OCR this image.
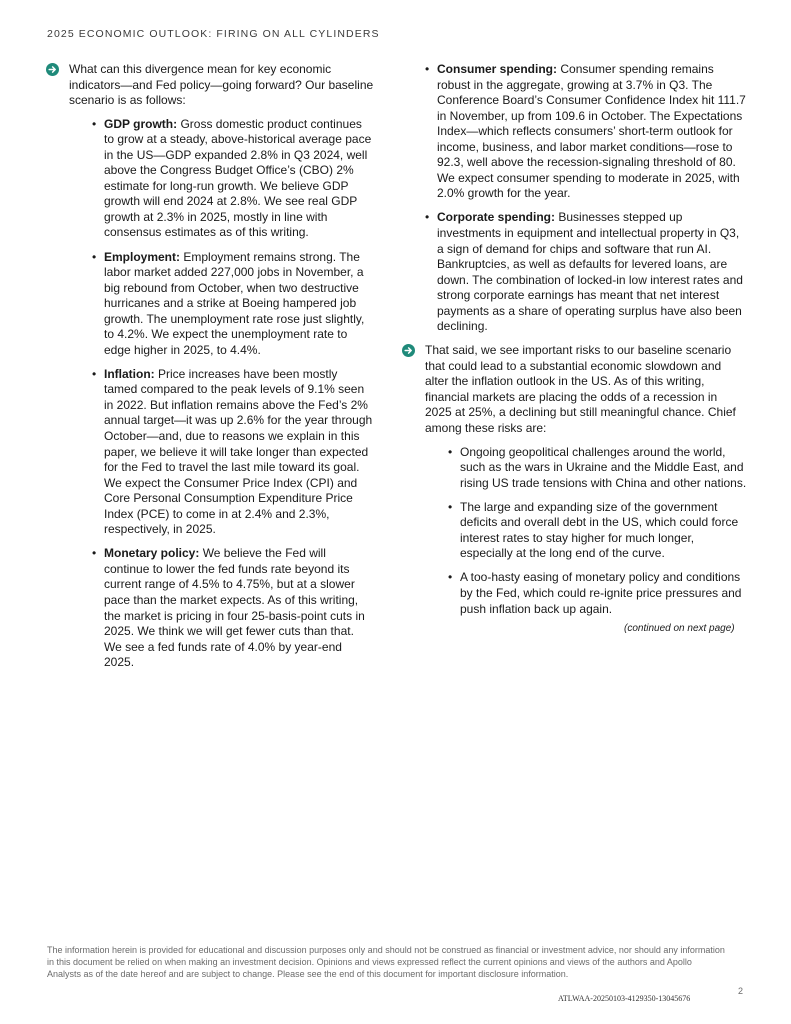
2025 ECONOMIC OUTLOOK: FIRING ON ALL CYLINDERS
What can this divergence mean for key economic indicators—and Fed policy—going forward? Our baseline scenario is as follows:
• GDP growth: Gross domestic product continues to grow at a steady, above-historical average pace in the US—GDP expanded 2.8% in Q3 2024, well above the Congress Budget Office’s (CBO) 2% estimate for long-run growth. We believe GDP growth will end 2024 at 2.8%. We see real GDP growth at 2.3% in 2025, mostly in line with consensus estimates as of this writing.
• Employment: Employment remains strong. The labor market added 227,000 jobs in November, a big rebound from October, when two destructive hurricanes and a strike at Boeing hampered job growth. The unemployment rate rose just slightly, to 4.2%. We expect the unemployment rate to edge higher in 2025, to 4.4%.
• Inflation: Price increases have been mostly tamed compared to the peak levels of 9.1% seen in 2022. But inflation remains above the Fed’s 2% annual target—it was up 2.6% for the year through October—and, due to reasons we explain in this paper, we believe it will take longer than expected for the Fed to travel the last mile toward its goal. We expect the Consumer Price Index (CPI) and Core Personal Consumption Expenditure Price Index (PCE) to come in at 2.4% and 2.3%, respectively, in 2025.
• Monetary policy: We believe the Fed will continue to lower the fed funds rate beyond its current range of 4.5% to 4.75%, but at a slower pace than the market expects. As of this writing, the market is pricing in four 25-basis-point cuts in 2025. We think we will get fewer cuts than that. We see a fed funds rate of 4.0% by year-end 2025.
• Consumer spending: Consumer spending remains robust in the aggregate, growing at 3.7% in Q3. The Conference Board’s Consumer Confidence Index hit 111.7 in November, up from 109.6 in October. The Expectations Index—which reflects consumers’ short-term outlook for income, business, and labor market conditions—rose to 92.3, well above the recession-signaling threshold of 80. We expect consumer spending to moderate in 2025, with 2.0% growth for the year.
• Corporate spending: Businesses stepped up investments in equipment and intellectual property in Q3, a sign of demand for chips and software that run AI. Bankruptcies, as well as defaults for levered loans, are down. The combination of locked-in low interest rates and strong corporate earnings has meant that net interest payments as a share of operating surplus have also been declining.
That said, we see important risks to our baseline scenario that could lead to a substantial economic slowdown and alter the inflation outlook in the US. As of this writing, financial markets are placing the odds of a recession in 2025 at 25%, a declining but still meaningful chance. Chief among these risks are:
• Ongoing geopolitical challenges around the world, such as the wars in Ukraine and the Middle East, and rising US trade tensions with China and other nations.
• The large and expanding size of the government deficits and overall debt in the US, which could force interest rates to stay higher for much longer, especially at the long end of the curve.
• A too-hasty easing of monetary policy and conditions by the Fed, which could re-ignite price pressures and push inflation back up again.
(continued on next page)
The information herein is provided for educational and discussion purposes only and should not be construed as financial or investment advice, nor should any information in this document be relied on when making an investment decision. Opinions and views expressed reflect the current opinions and views of the authors and Apollo Analysts as of the date hereof and are subject to change. Please see the end of this document for important disclosure information.
2
ATLWAA-20250103-4129350-13045676
